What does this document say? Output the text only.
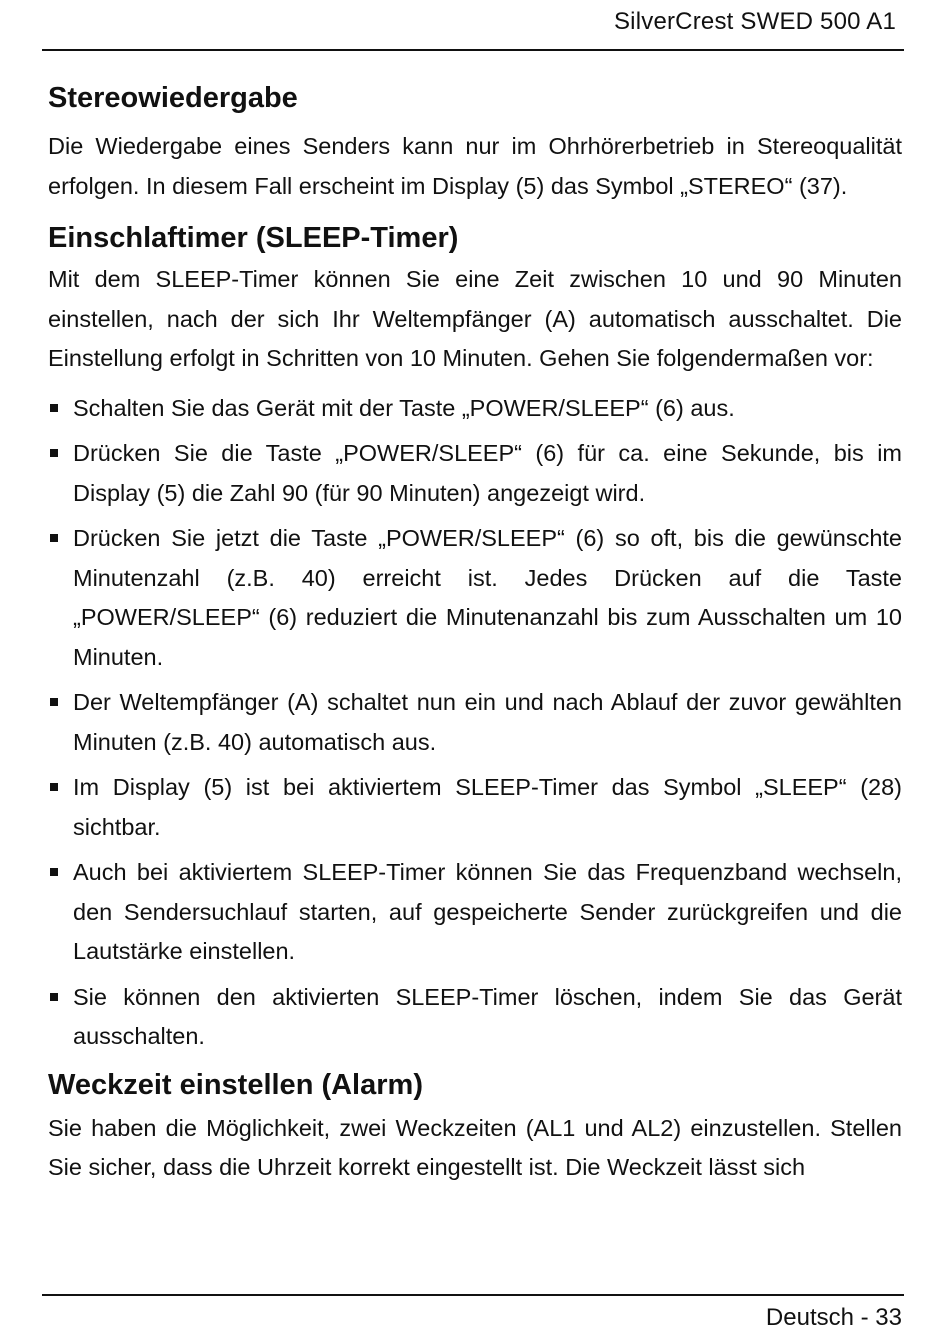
SilverCrest SWED 500 A1
Stereowiedergabe

Die Wiedergabe eines Senders kann nur im Ohrhörerbetrieb in Stereoqualität erfolgen. In diesem Fall erscheint im Display (5) das Symbol „STEREO“ (37).

Einschlaftimer (SLEEP-Timer)

Mit dem SLEEP-Timer können Sie eine Zeit zwischen 10 und 90 Minuten einstellen, nach der sich Ihr Weltempfänger (A) automatisch ausschaltet. Die Einstellung erfolgt in Schritten von 10 Minuten. Gehen Sie folgendermaßen vor:

Schalten Sie das Gerät mit der Taste „POWER/SLEEP“ (6) aus.

Drücken Sie die Taste „POWER/SLEEP“ (6) für ca. eine Sekunde, bis im Display (5) die Zahl 90 (für 90 Minuten) angezeigt wird.

Drücken Sie jetzt die Taste „POWER/SLEEP“ (6) so oft, bis die gewünschte Minutenzahl (z.B. 40) erreicht ist. Jedes Drücken auf die Taste „POWER/SLEEP“ (6) reduziert die Minutenanzahl bis zum Ausschalten um 10 Minuten.

Der Weltempfänger (A) schaltet nun ein und nach Ablauf der zuvor gewählten Minuten (z.B. 40) automatisch aus.

Im Display (5) ist bei aktiviertem SLEEP-Timer das Symbol „SLEEP“ (28) sichtbar.

Auch bei aktiviertem SLEEP-Timer können Sie das Frequenzband wechseln, den Sendersuchlauf starten, auf gespeicherte Sender zurückgreifen und die Lautstärke einstellen.

Sie können den aktivierten SLEEP-Timer löschen, indem Sie das Gerät ausschalten.

Weckzeit einstellen (Alarm)

Sie haben die Möglichkeit, zwei Weckzeiten (AL1 und AL2) einzustellen. Stellen Sie sicher, dass die Uhrzeit korrekt eingestellt ist. Die Weckzeit lässt sich

Deutsch - 33
